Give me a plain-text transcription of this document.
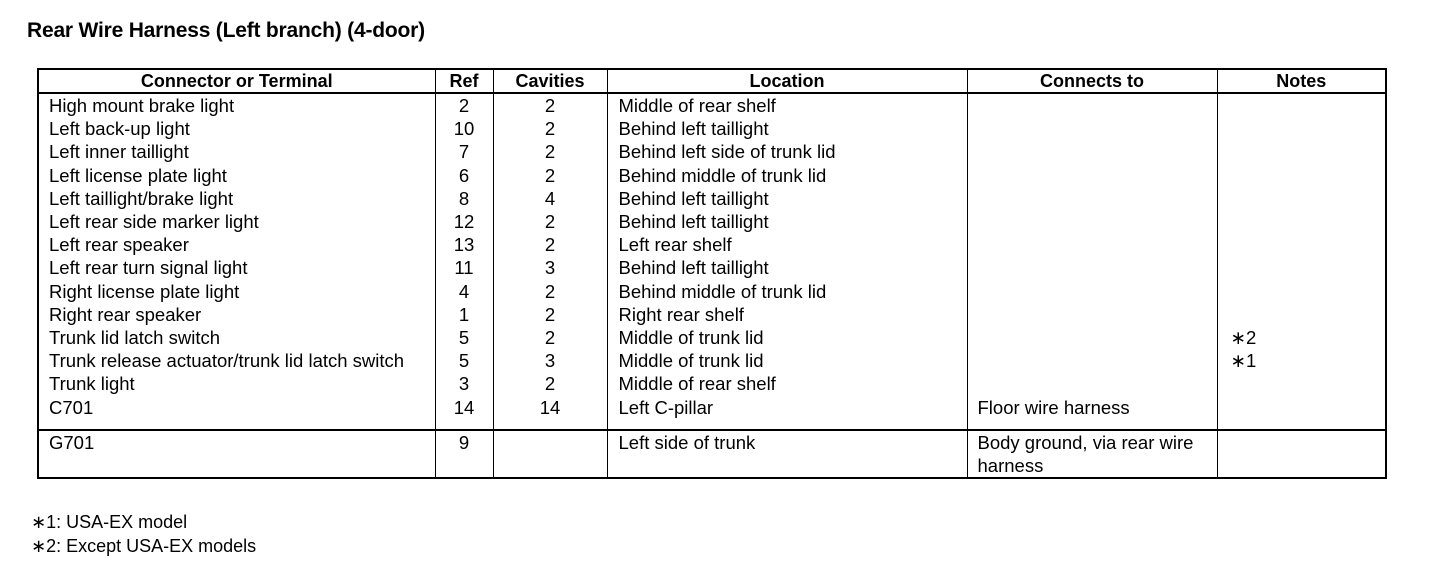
Rear Wire Harness (Left branch) (4-door)
Connector or Terminal	Ref	Cavities	Location	Connects to	Notes
High mount brake light	2	2	Middle of rear shelf		
Left back-up light	10	2	Behind left taillight		
Left inner taillight	7	2	Behind left side of trunk lid		
Left license plate light	6	2	Behind middle of trunk lid		
Left taillight/brake light	8	4	Behind left taillight		
Left rear side marker light	12	2	Behind left taillight		
Left rear speaker	13	2	Left rear shelf		
Left rear turn signal light	11	3	Behind left taillight		
Right license plate light	4	2	Behind middle of trunk lid		
Right rear speaker	1	2	Right rear shelf		
Trunk lid latch switch	5	2	Middle of trunk lid		∗2
Trunk release actuator/trunk lid latch switch	5	3	Middle of trunk lid		∗1
Trunk light	3	2	Middle of rear shelf		
C701	14	14	Left C-pillar	Floor wire harness	
G701	9		Left side of trunk	Body ground, via rear wire harness	
∗1: USA-EX model
∗2: Except USA-EX models
